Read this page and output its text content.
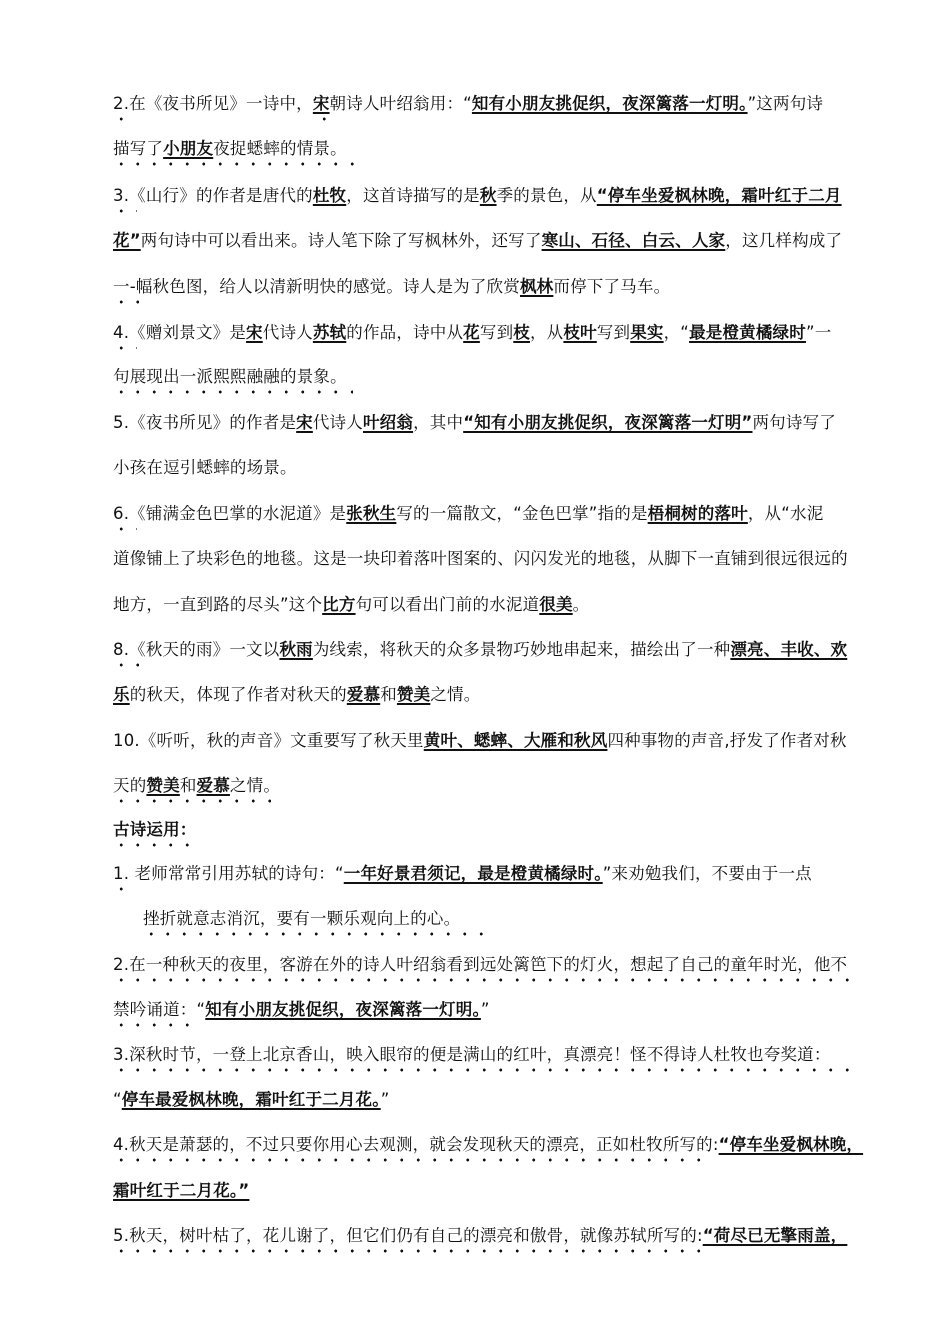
2.在《夜书所见》一诗中，宋朝诗人叶绍翁用：“知有小朋友挑促织，夜深篱落一灯明。”这两句诗
描写了小朋友夜捉蟋蟀的情景。
3.《山行》的作者是唐代的杜牧，这首诗描写的是秋季的景色，从“停车坐爱枫林晚，霜叶红于二月
花”两句诗中可以看出来。诗人笔下除了写枫林外，还写了寒山、石径、白云、人家，这几样构成了
一-幅秋色图，给人以清新明快的感觉。诗人是为了欣赏枫林而停下了马车。
4.《赠刘景文》是宋代诗人苏轼的作品，诗中从花写到枝，从枝叶写到果实，“最是橙黄橘绿时”一
句展现出一派熙熙融融的景象。
5.《夜书所见》的作者是宋代诗人叶绍翁，其中“知有小朋友挑促织，夜深篱落一灯明”两句诗写了
小孩在逗引蟋蟀的场景。
6.《铺满金色巴掌的水泥道》是张秋生写的一篇散文，“金色巴掌”指的是梧桐树的落叶，从“水泥
道像铺上了块彩色的地毯。这是一块印着落叶图案的、闪闪发光的地毯，从脚下一直铺到很远很远的
地方，一直到路的尽头”这个比方句可以看出门前的水泥道很美。
8.《秋天的雨》一文以秋雨为线索，将秋天的众多景物巧妙地串起来，描绘出了一种漂亮、丰收、欢
乐的秋天，体现了作者对秋天的爱慕和赞美之情。
10.《听听，秋的声音》文重要写了秋天里黄叶、蟋蟀、大雁和秋风四种事物的声音,抒发了作者对秋
天的赞美和爱慕之情。
古诗运用：
1. 老师常常引用苏轼的诗句：“一年好景君须记，最是橙黄橘绿时。”来劝勉我们，不要由于一点
挫折就意志消沉，要有一颗乐观向上的心。
2.在一种秋天的夜里，客游在外的诗人叶绍翁看到远处篱笆下的灯火，想起了自己的童年时光，他不
禁吟诵道：“知有小朋友挑促织，夜深篱落一灯明。”
3.深秋时节，一登上北京香山，映入眼帘的便是满山的红叶，真漂亮！怪不得诗人杜牧也夸奖道：
“停车最爱枫林晚，霜叶红于二月花。”
4.秋天是萧瑟的，不过只要你用心去观测，就会发现秋天的漂亮，正如杜牧所写的:“停车坐爱枫林晚，
霜叶红于二月花。”
5.秋天，树叶枯了，花儿谢了，但它们仍有自己的漂亮和傲骨，就像苏轼所写的:“荷尽已无擎雨盖，
